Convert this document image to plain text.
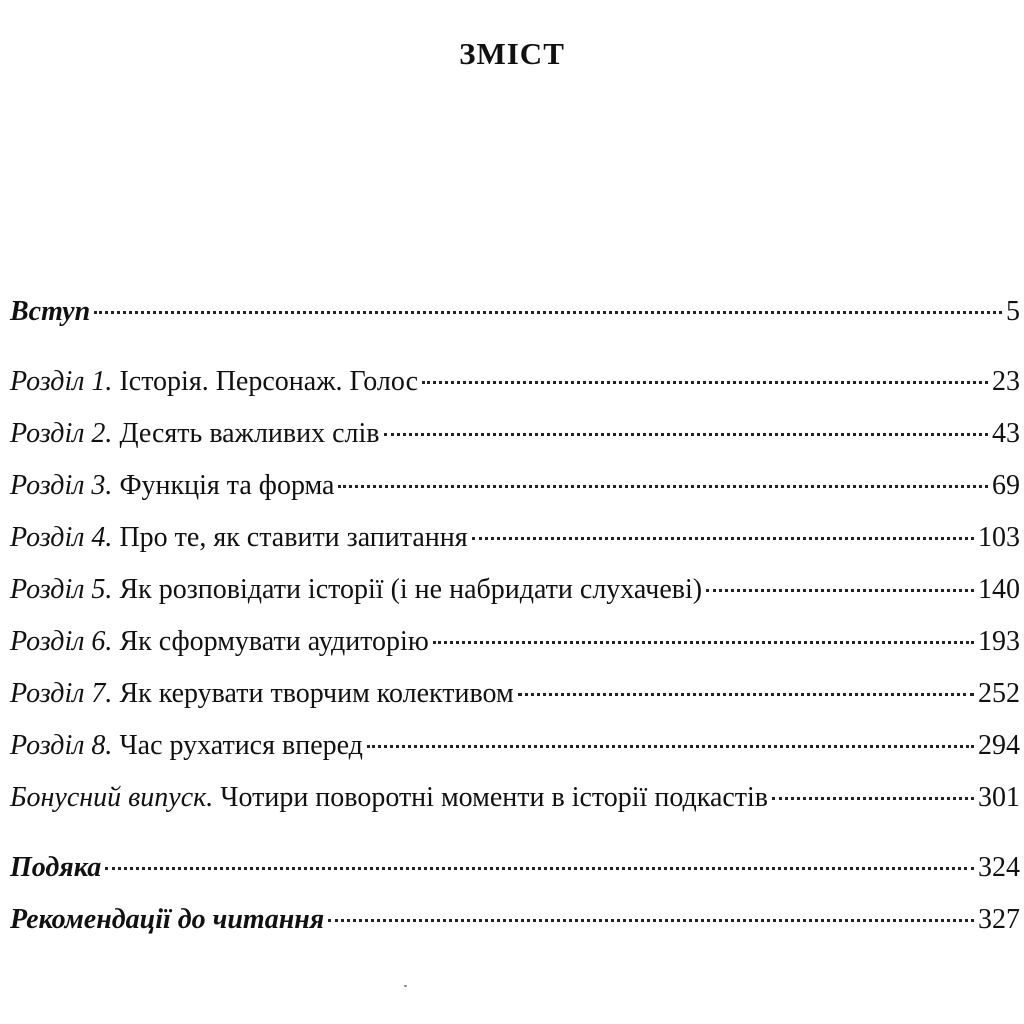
ЗМІСТ
Вступ	5
Розділ 1. Історія. Персонаж. Голос	23
Розділ 2. Десять важливих слів	43
Розділ 3. Функція та форма	69
Розділ 4. Про те, як ставити запитання	103
Розділ 5. Як розповідати історії (і не набридати слухачеві)	140
Розділ 6. Як сформувати аудиторію	193
Розділ 7. Як керувати творчим колективом	252
Розділ 8. Час рухатися вперед	294
Бонусний випуск. Чотири поворотні моменти в історії подкастів	301
Подяка	324
Рекомендації до читання	327
